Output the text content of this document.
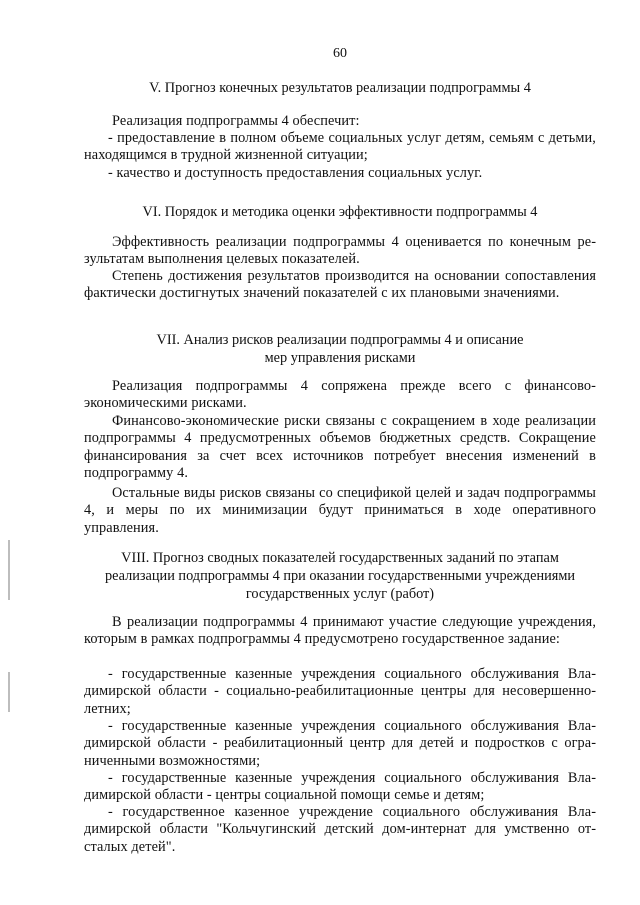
60
V. Прогноз конечных результатов реализации подпрограммы 4
Реализация подпрограммы 4 обеспечит:
- предоставление в полном объеме социальных услуг детям, семьям с детьми, находящимся в трудной жизненной ситуации;
- качество и доступность предоставления социальных услуг.
VI. Порядок и методика оценки эффективности подпрограммы 4
Эффективность реализации подпрограммы 4 оценивается по конечным результатам выполнения целевых показателей.
Степень достижения результатов производится на основании сопоставления фактически достигнутых значений показателей с их плановыми значениями.
VII. Анализ рисков реализации подпрограммы 4 и описание
мер управления рисками
Реализация подпрограммы 4 сопряжена прежде всего с финансово-экономическими рисками.
Финансово-экономические риски связаны с сокращением в ходе реализации подпрограммы 4 предусмотренных объемов бюджетных средств. Сокращение финансирования за счет всех источников потребует внесения изменений в подпрограмму 4.
Остальные виды рисков связаны со спецификой целей и задач подпрограммы 4, и меры по их минимизации будут приниматься в ходе оперативного управления.
VIII. Прогноз сводных показателей государственных заданий по этапам
реализации подпрограммы 4 при оказании государственными учреждениями
государственных услуг (работ)
В реализации подпрограммы 4 принимают участие следующие учреждения, которым в рамках подпрограммы 4 предусмотрено государственное задание:
- государственные казенные учреждения социального обслуживания Владимирской области - социально-реабилитационные центры для несовершеннолетних;
- государственные казенные учреждения социального обслуживания Владимирской области - реабилитационный центр для детей и подростков с ограниченными возможностями;
- государственные казенные учреждения социального обслуживания Владимирской области - центры социальной помощи семье и детям;
- государственное казенное учреждение социального обслуживания Владимирской области "Кольчугинский детский дом-интернат для умственно отсталых детей".
